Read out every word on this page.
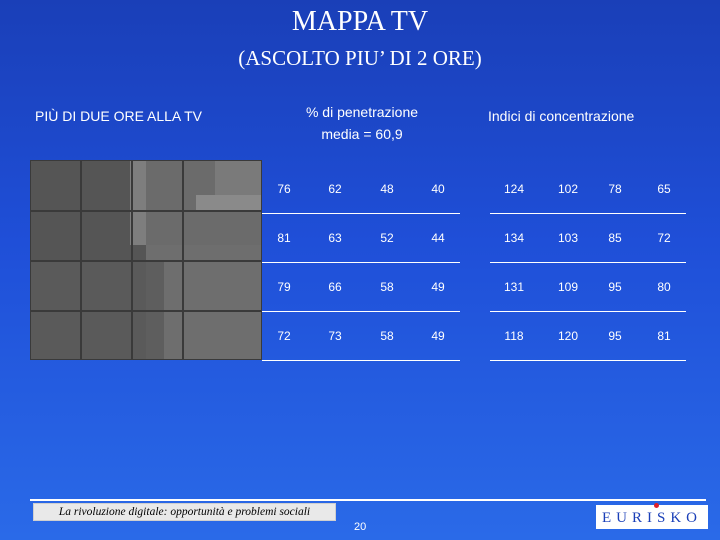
MAPPA TV
(ASCOLTO PIU’ DI 2 ORE)
PIÙ DI DUE ORE ALLA TV	% di penetrazione
media = 60,9
Indici di concentrazione
76	62	48	40
81	63	52	44
79	66	58	49
72	73	58	49
124	102	78	65
134	103	85	72
131	109	95	80
118	120	95	81
La rivoluzione digitale: opportunità e problemi sociali
20
EURISKO
